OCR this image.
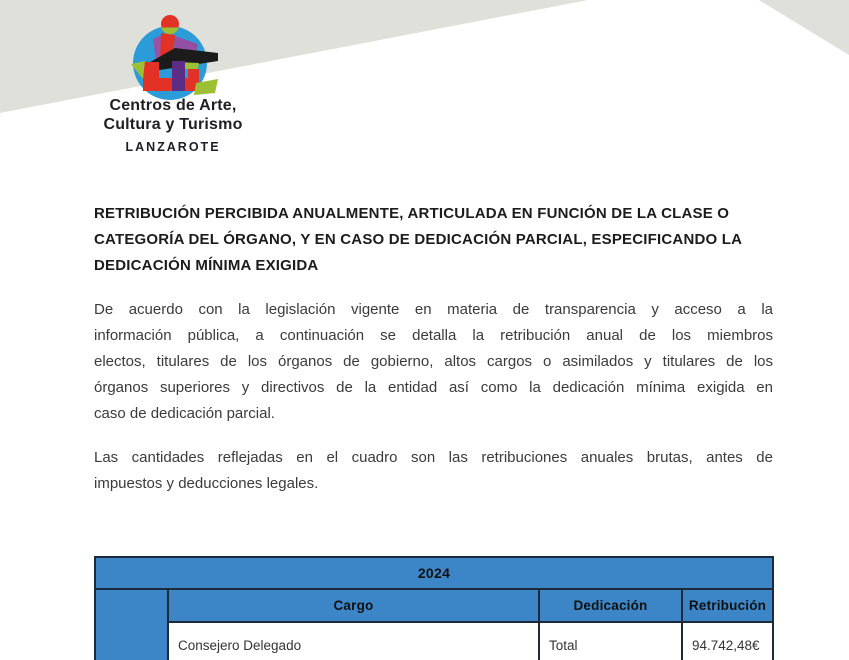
Centros de Arte,
Cultura y Turismo
LANZAROTE
RETRIBUCIÓN PERCIBIDA ANUALMENTE, ARTICULADA EN FUNCIÓN DE LA CLASE O
CATEGORÍA DEL ÓRGANO, Y EN CASO DE DEDICACIÓN PARCIAL, ESPECIFICANDO LA
DEDICACIÓN MÍNIMA EXIGIDA
De acuerdo con la legislación vigente en materia de transparencia y acceso a la
información pública, a continuación se detalla la retribución anual de los miembros
electos, titulares de los órganos de gobierno, altos cargos o asimilados y titulares de los
órganos superiores y directivos de la entidad así como la dedicación mínima exigida en
caso de dedicación parcial.
Las cantidades reflejadas en el cuadro son las retribuciones anuales brutas, antes de
impuestos y deducciones legales.
2024			
	Cargo	Dedicación	Retribución
	Consejero Delegado	Total	94.742,48€
